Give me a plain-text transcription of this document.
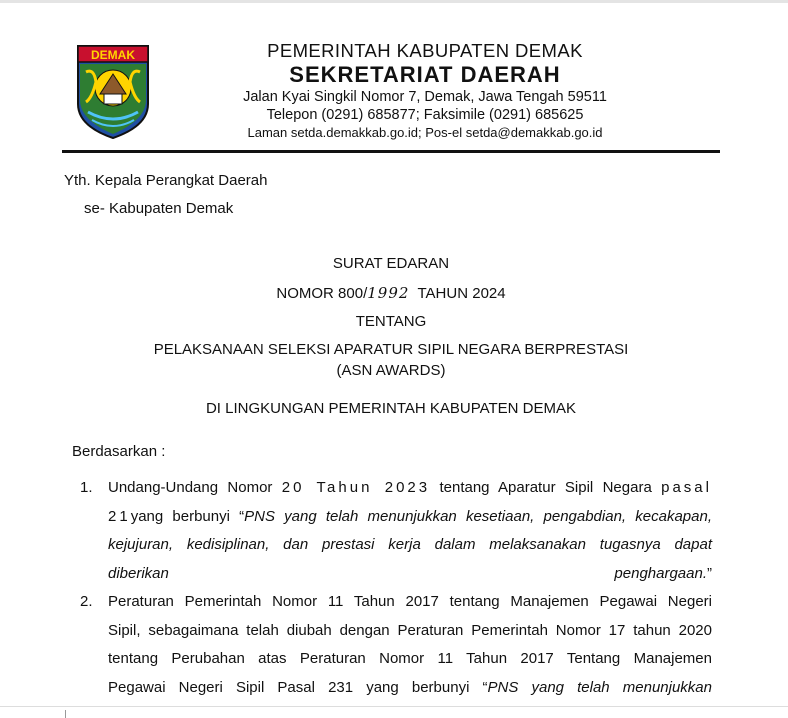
DEMAK	PEMERINTAH KABUPATEN DEMAK
SEKRETARIAT DAERAH
Jalan Kyai Singkil Nomor 7, Demak, Jawa Tengah 59511
Telepon (0291) 685877; Faksimile (0291) 685625
Laman setda.demakkab.go.id; Pos-el setda@demakkab.go.id
Yth. Kepala Perangkat Daerah
se- Kabupaten Demak
SURAT EDARAN
NOMOR 800/1992  TAHUN 2024
TENTANG
PELAKSANAAN SELEKSI APARATUR SIPIL NEGARA BERPRESTASI
(ASN AWARDS)
DI LINGKUNGAN PEMERINTAH KABUPATEN DEMAK
Berdasarkan :
1.	Undang-Undang Nomor 20 Tahun 2023 tentang Aparatur Sipil Negara pasal
21yang berbunyi “PNS yang telah menunjukkan kesetiaan, pengabdian, kecakapan,
kejujuran, kedisiplinan, dan prestasi kerja dalam melaksanakan tugasnya dapat
diberikan penghargaan.”
2.	Peraturan Pemerintah Nomor 11 Tahun 2017 tentang Manajemen Pegawai Negeri
Sipil, sebagaimana telah diubah dengan Peraturan Pemerintah Nomor 17 tahun 2020
tentang Perubahan atas Peraturan Nomor 11 Tahun 2017 Tentang Manajemen
Pegawai Negeri Sipil Pasal 231 yang berbunyi “PNS yang telah menunjukkan
